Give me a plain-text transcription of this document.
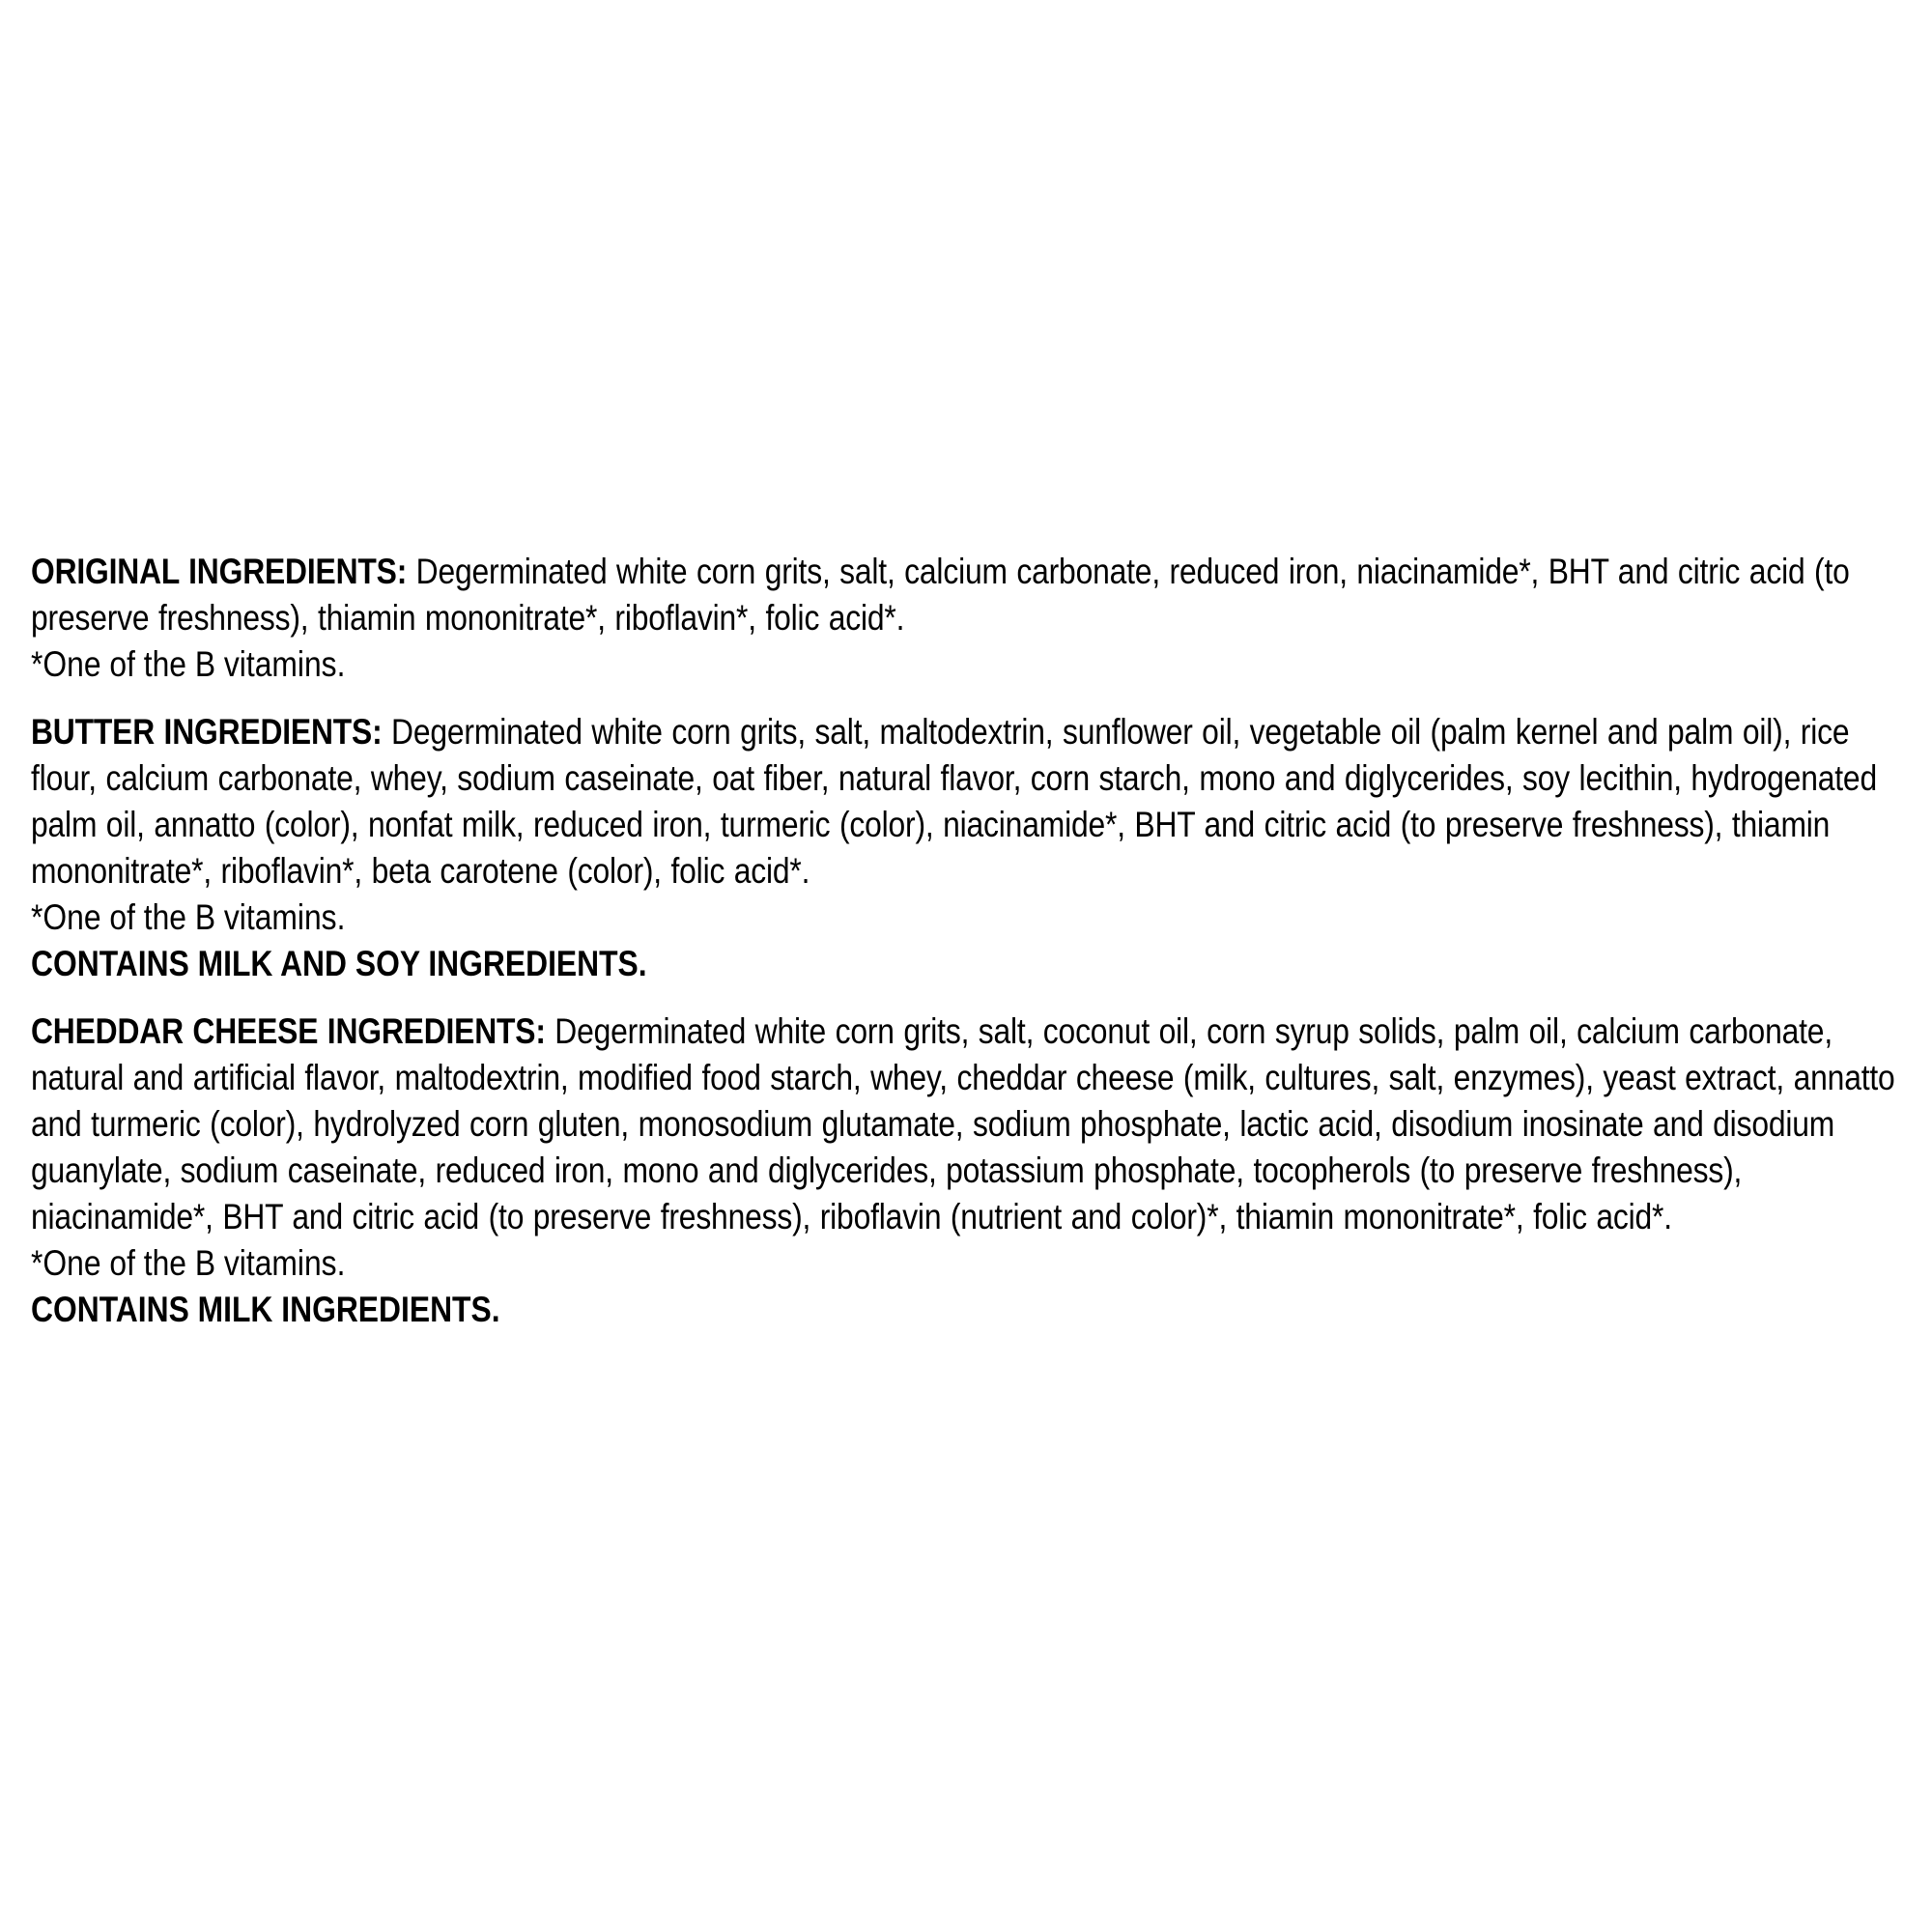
ORIGINAL INGREDIENTS: Degerminated white corn grits, salt, calcium carbonate, reduced iron, niacinamide*, BHT and citric acid (to preserve freshness), thiamin mononitrate*, riboflavin*, folic acid*.

*One of the B vitamins.

BUTTER INGREDIENTS: Degerminated white corn grits, salt, maltodextrin, sunflower oil, vegetable oil (palm kernel and palm oil), rice flour, calcium carbonate, whey, sodium caseinate, oat fiber, natural flavor, corn starch, mono and diglycerides, soy lecithin, hydrogenated palm oil, annatto (color), nonfat milk, reduced iron, turmeric (color), niacinamide*, BHT and citric acid (to preserve freshness), thiamin mononitrate*, riboflavin*, beta carotene (color), folic acid*.

*One of the B vitamins.

CONTAINS MILK AND SOY INGREDIENTS.

CHEDDAR CHEESE INGREDIENTS: Degerminated white corn grits, salt, coconut oil, corn syrup solids, palm oil, calcium carbonate, natural and artificial flavor, maltodextrin, modified food starch, whey, cheddar cheese (milk, cultures, salt, enzymes), yeast extract, annatto and turmeric (color), hydrolyzed corn gluten, monosodium glutamate, sodium phosphate, lactic acid, disodium inosinate and disodium guanylate, sodium caseinate, reduced iron, mono and diglycerides, potassium phosphate, tocopherols (to preserve freshness), niacinamide*, BHT and citric acid (to preserve freshness), riboflavin (nutrient and color)*, thiamin mononitrate*, folic acid*.

*One of the B vitamins.

CONTAINS MILK INGREDIENTS.
